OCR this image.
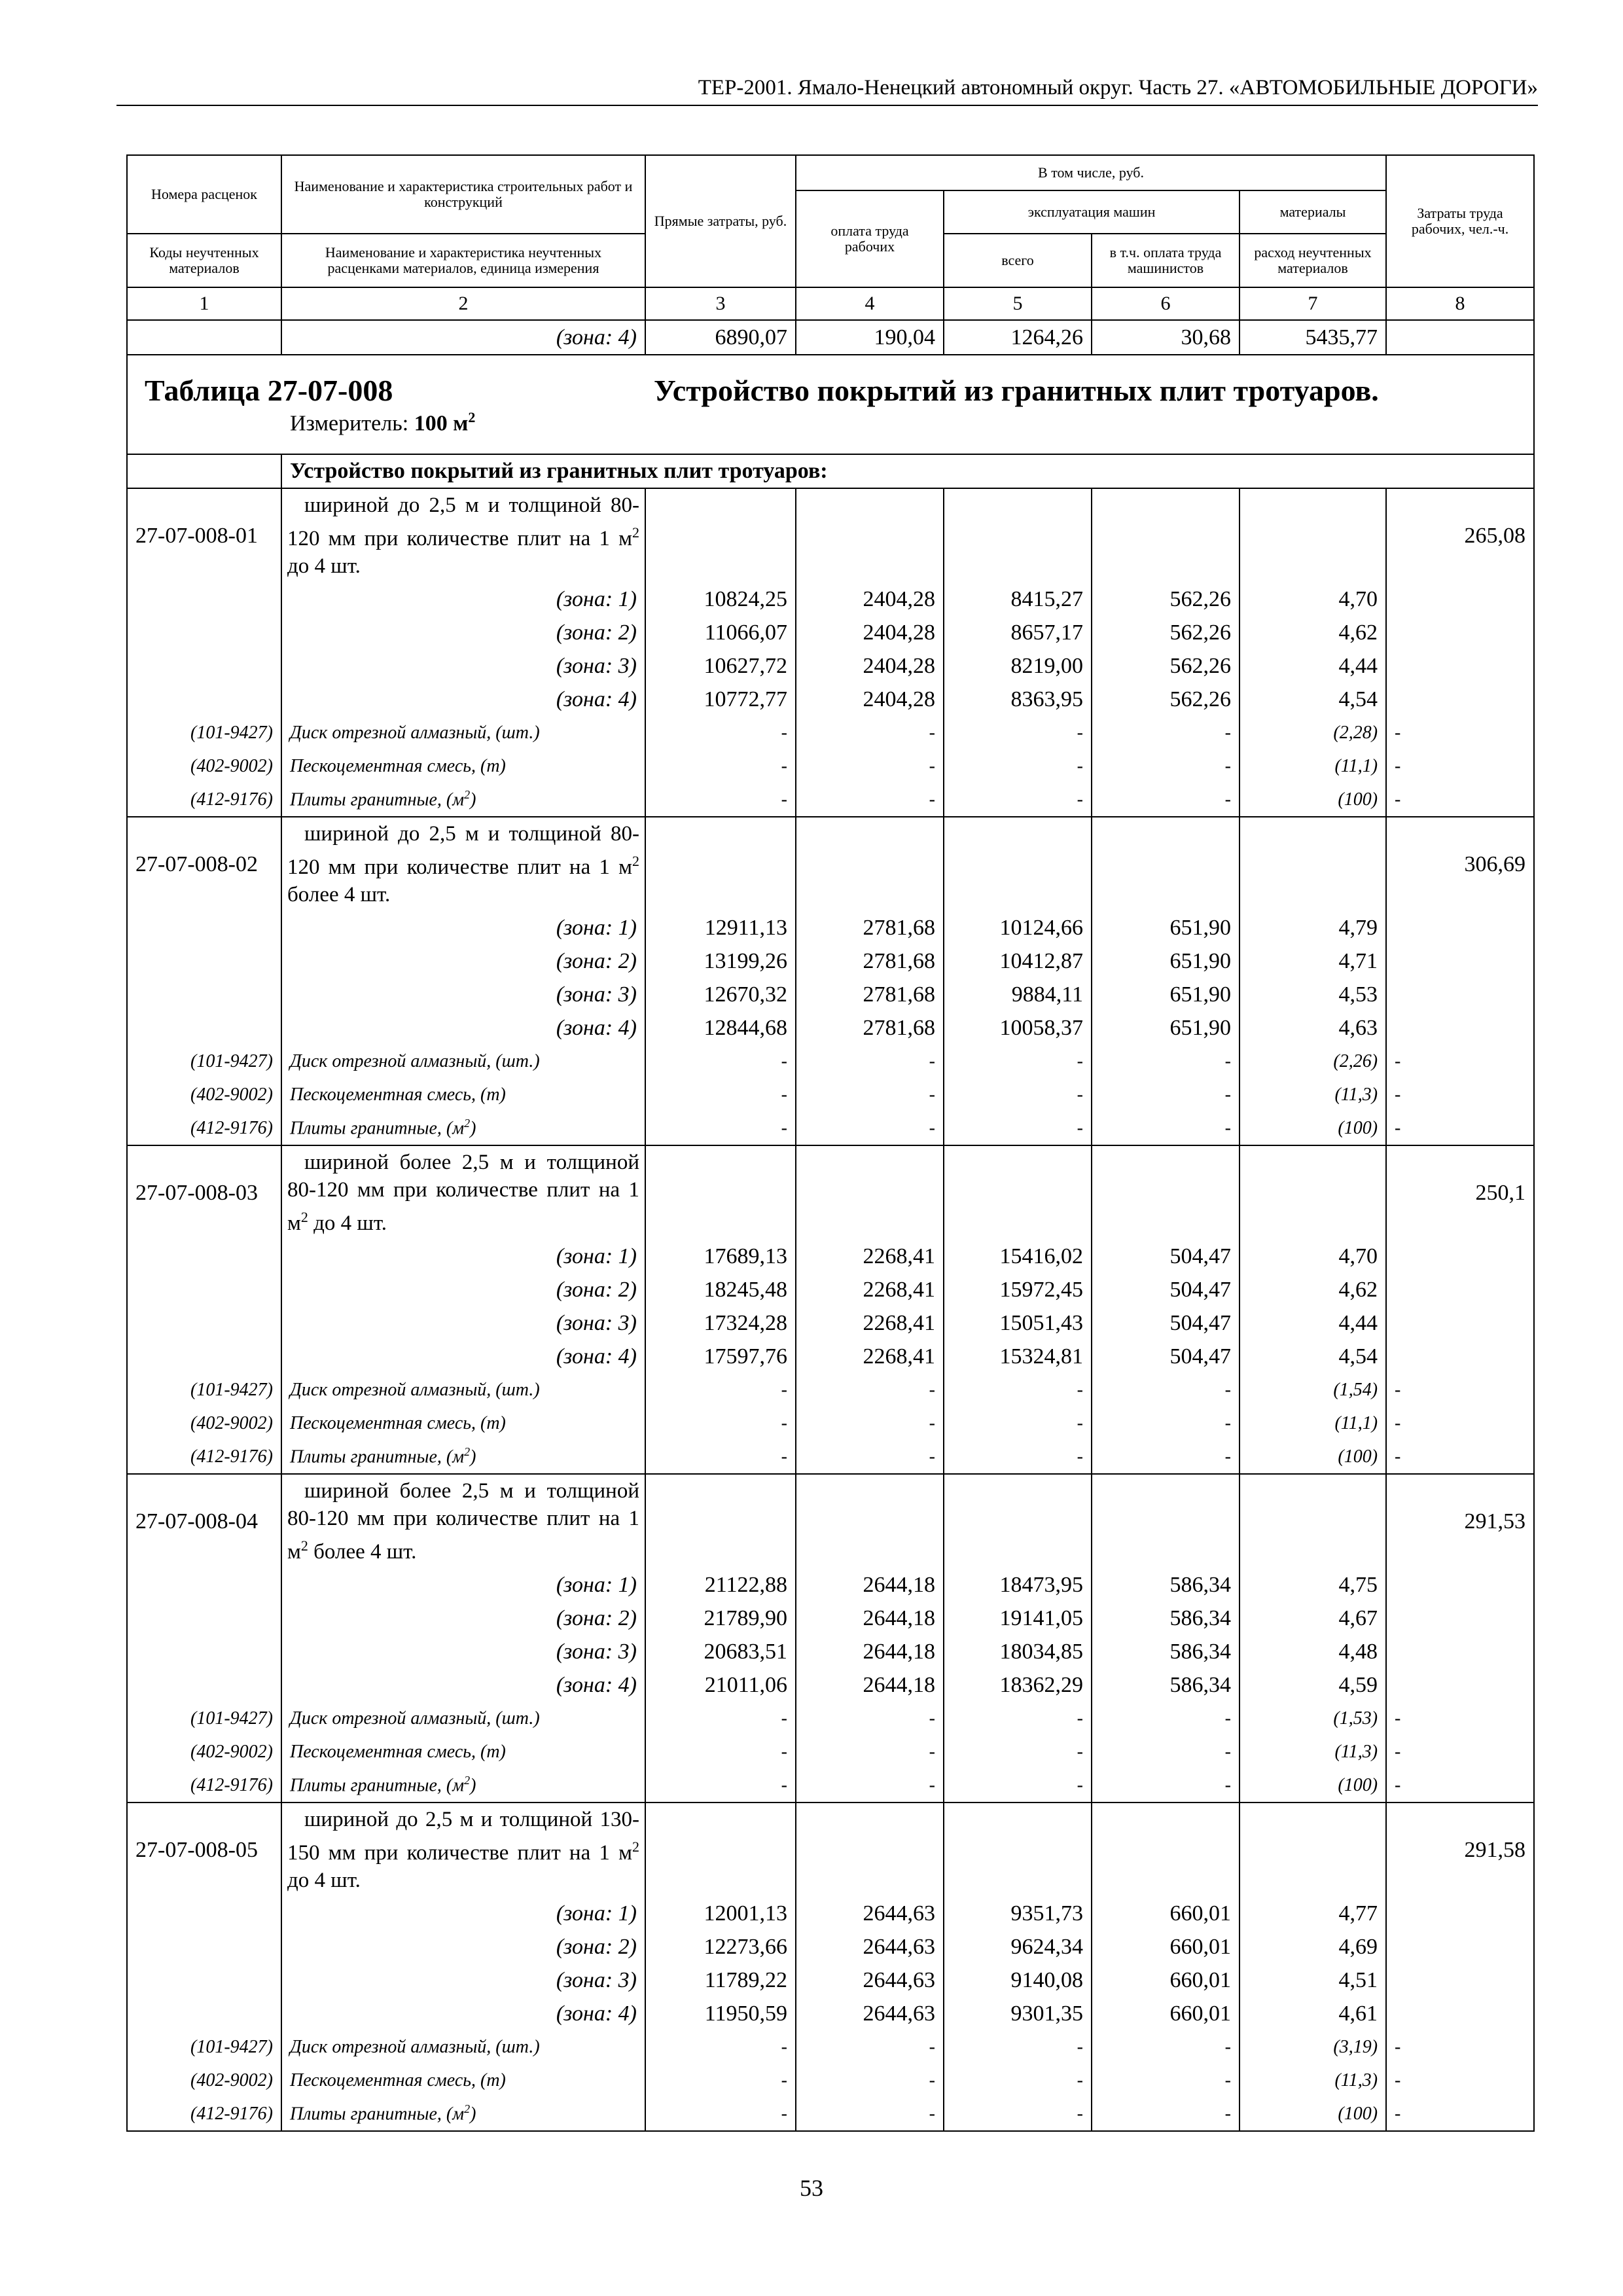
ТЕР-2001. Ямало-Ненецкий автономный округ. Часть 27. «АВТОМОБИЛЬНЫЕ ДОРОГИ»
Номера расценок	Наименование и характеристика строительных работ и конструкций	Прямые затраты, руб.	В том числе, руб.				Затраты труда рабочих, чел.-ч.
			оплата труда рабочих	эксплуатация машин		материалы	
Коды неучтенных материалов	Наименование и характеристика неучтенных расценками материалов, единица измерения			всего	в т.ч. оплата труда машинистов	расход неучтенных материалов	
1	2	3	4	5	6	7	8
	(зона: 4)	6890,07	190,04	1264,26	30,68	5435,77	

Таблица 27-07-008 Устройство покрытий из гранитных плит тротуаров.
Измеритель: 100 $м^2$

	Устройство покрытий из гранитных плит тротуаров:						
27-07-008-01	шириной до 2,5 м и толщиной 80-120 мм при количестве плит на 1 $м^2$ до 4 шт.						265,08
	(зона: 1)	10824,25	2404,28	8415,27	562,26	4,70	
	(зона: 2)	11066,07	2404,28	8657,17	562,26	4,62	
	(зона: 3)	10627,72	2404,28	8219,00	562,26	4,44	
	(зона: 4)	10772,77	2404,28	8363,95	562,26	4,54	
(101-9427)	Диск отрезной алмазный, (шт.)	-	-	-	-	(2,28)	-
(402-9002)	Пескоцементная смесь, (т)	-	-	-	-	(11,1)	-
(412-9176)	Плиты гранитные, $(м^2)$	-	-	-	-	(100)	-
27-07-008-02	шириной до 2,5 м и толщиной 80-120 мм при количестве плит на 1 $м^2$ более 4 шт.						306,69
	(зона: 1)	12911,13	2781,68	10124,66	651,90	4,79	
	(зона: 2)	13199,26	2781,68	10412,87	651,90	4,71	
	(зона: 3)	12670,32	2781,68	9884,11	651,90	4,53	
	(зона: 4)	12844,68	2781,68	10058,37	651,90	4,63	
(101-9427)	Диск отрезной алмазный, (шт.)	-	-	-	-	(2,26)	-
(402-9002)	Пескоцементная смесь, (т)	-	-	-	-	(11,3)	-
(412-9176)	Плиты гранитные, $(м^2)$	-	-	-	-	(100)	-
27-07-008-03	шириной более 2,5 м и толщиной 80-120 мм при количестве плит на 1 $м^2$ до 4 шт.						250,1
	(зона: 1)	17689,13	2268,41	15416,02	504,47	4,70	
	(зона: 2)	18245,48	2268,41	15972,45	504,47	4,62	
	(зона: 3)	17324,28	2268,41	15051,43	504,47	4,44	
	(зона: 4)	17597,76	2268,41	15324,81	504,47	4,54	
(101-9427)	Диск отрезной алмазный, (шт.)	-	-	-	-	(1,54)	-
(402-9002)	Пескоцементная смесь, (т)	-	-	-	-	(11,1)	-
(412-9176)	Плиты гранитные, $(м^2)$	-	-	-	-	(100)	-
27-07-008-04	шириной более 2,5 м и толщиной 80-120 мм при количестве плит на 1 $м^2$ более 4 шт.						291,53
	(зона: 1)	21122,88	2644,18	18473,95	586,34	4,75	
	(зона: 2)	21789,90	2644,18	19141,05	586,34	4,67	
	(зона: 3)	20683,51	2644,18	18034,85	586,34	4,48	
	(зона: 4)	21011,06	2644,18	18362,29	586,34	4,59	
(101-9427)	Диск отрезной алмазный, (шт.)	-	-	-	-	(1,53)	-
(402-9002)	Пескоцементная смесь, (т)	-	-	-	-	(11,3)	-
(412-9176)	Плиты гранитные, $(м^2)$	-	-	-	-	(100)	-
27-07-008-05	шириной до 2,5 м и толщиной 130-150 мм при количестве плит на 1 $м^2$ до 4 шт.						291,58
	(зона: 1)	12001,13	2644,63	9351,73	660,01	4,77	
	(зона: 2)	12273,66	2644,63	9624,34	660,01	4,69	
	(зона: 3)	11789,22	2644,63	9140,08	660,01	4,51	
	(зона: 4)	11950,59	2644,63	9301,35	660,01	4,61	
(101-9427)	Диск отрезной алмазный, (шт.)	-	-	-	-	(3,19)	-
(402-9002)	Пескоцементная смесь, (т)	-	-	-	-	(11,3)	-
(412-9176)	Плиты гранитные, $(м^2)$	-	-	-	-	(100)	-
53
